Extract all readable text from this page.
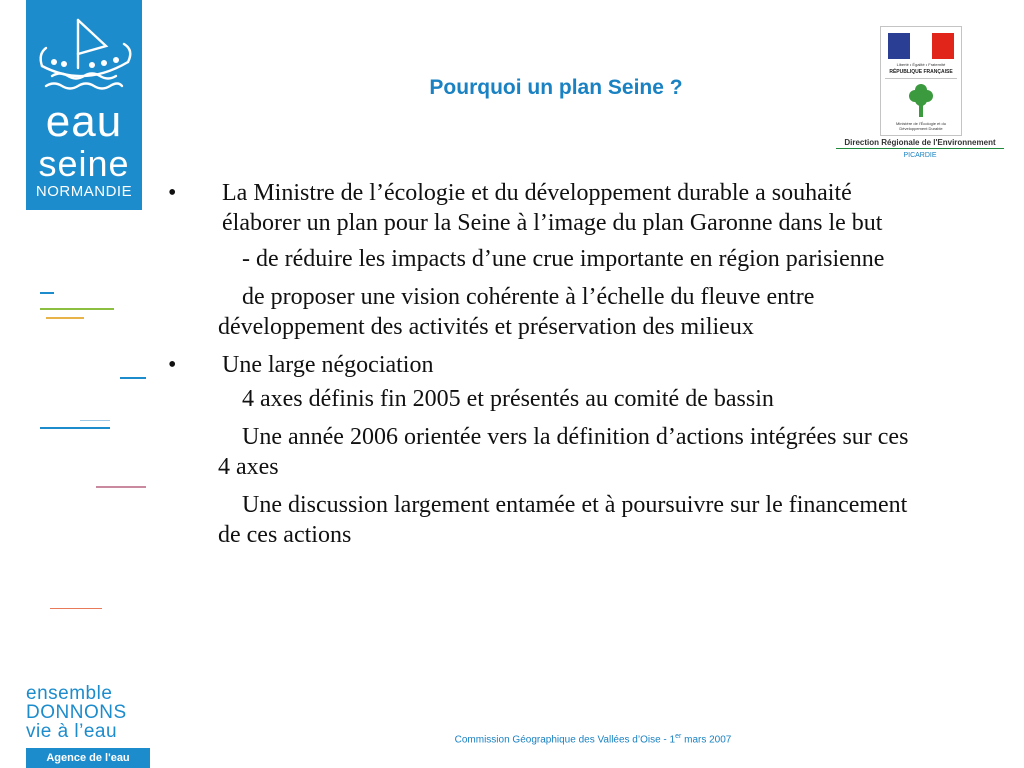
eau
seine
NORMANDIE
Pourquoi un plan Seine ?
Liberté • Égalité • Fraternité
RÉPUBLIQUE FRANÇAISE
Ministère de l'Écologie et du Développement Durable
Direction Régionale de l'Environnement
PICARDIE

•	La Ministre de l’écologie et du développement durable a souhaité élaborer un plan pour la Seine à l’image du plan Garonne dans le but

- de réduire les impacts d’une crue importante en région parisienne

de proposer une vision cohérente à l’échelle du fleuve entre développement des activités et préservation des milieux

•	Une large négociation

4 axes définis fin 2005 et présentés au comité de bassin

Une année 2006 orientée vers la définition d’actions intégrées sur ces 4 axes

Une discussion largement entamée et à poursuivre sur le financement de ces actions

ensemble
DONNONS
vie à l’eau
Agence de l'eau
Commission Géographique des Vallées d’Oise - 1er mars 2007
